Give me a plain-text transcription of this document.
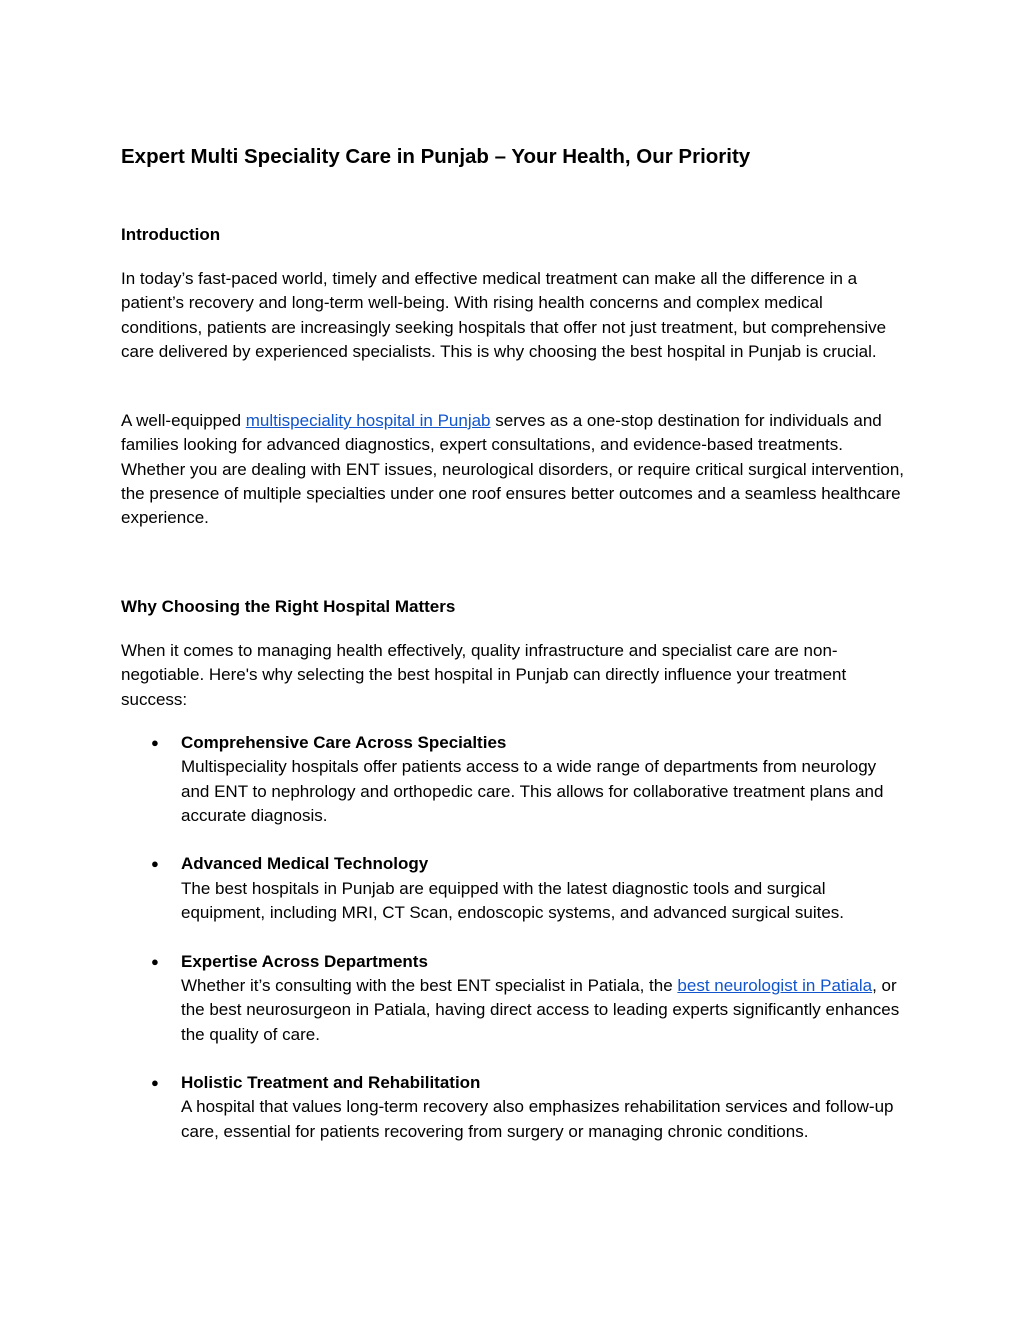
Expert Multi Speciality Care in Punjab – Your Health, Our Priority
Introduction

In today’s fast-paced world, timely and effective medical treatment can make all the difference in a patient’s recovery and long-term well-being. With rising health concerns and complex medical conditions, patients are increasingly seeking hospitals that offer not just treatment, but comprehensive care delivered by experienced specialists. This is why choosing the best hospital in Punjab is crucial.

A well-equipped multispeciality hospital in Punjab serves as a one-stop destination for individuals and families looking for advanced diagnostics, expert consultations, and evidence-based treatments. Whether you are dealing with ENT issues, neurological disorders, or require critical surgical intervention, the presence of multiple specialties under one roof ensures better outcomes and a seamless healthcare experience.

Why Choosing the Right Hospital Matters

When it comes to managing health effectively, quality infrastructure and specialist care are non-negotiable. Here's why selecting the best hospital in Punjab can directly influence your treatment success:

● Comprehensive Care Across Specialties
Multispeciality hospitals offer patients access to a wide range of departments from neurology and ENT to nephrology and orthopedic care. This allows for collaborative treatment plans and accurate diagnosis.
● Advanced Medical Technology
The best hospitals in Punjab are equipped with the latest diagnostic tools and surgical equipment, including MRI, CT Scan, endoscopic systems, and advanced surgical suites.
● Expertise Across Departments
Whether it’s consulting with the best ENT specialist in Patiala, the best neurologist in Patiala, or the best neurosurgeon in Patiala, having direct access to leading experts significantly enhances the quality of care.
● Holistic Treatment and Rehabilitation
A hospital that values long-term recovery also emphasizes rehabilitation services and follow-up care, essential for patients recovering from surgery or managing chronic conditions.
